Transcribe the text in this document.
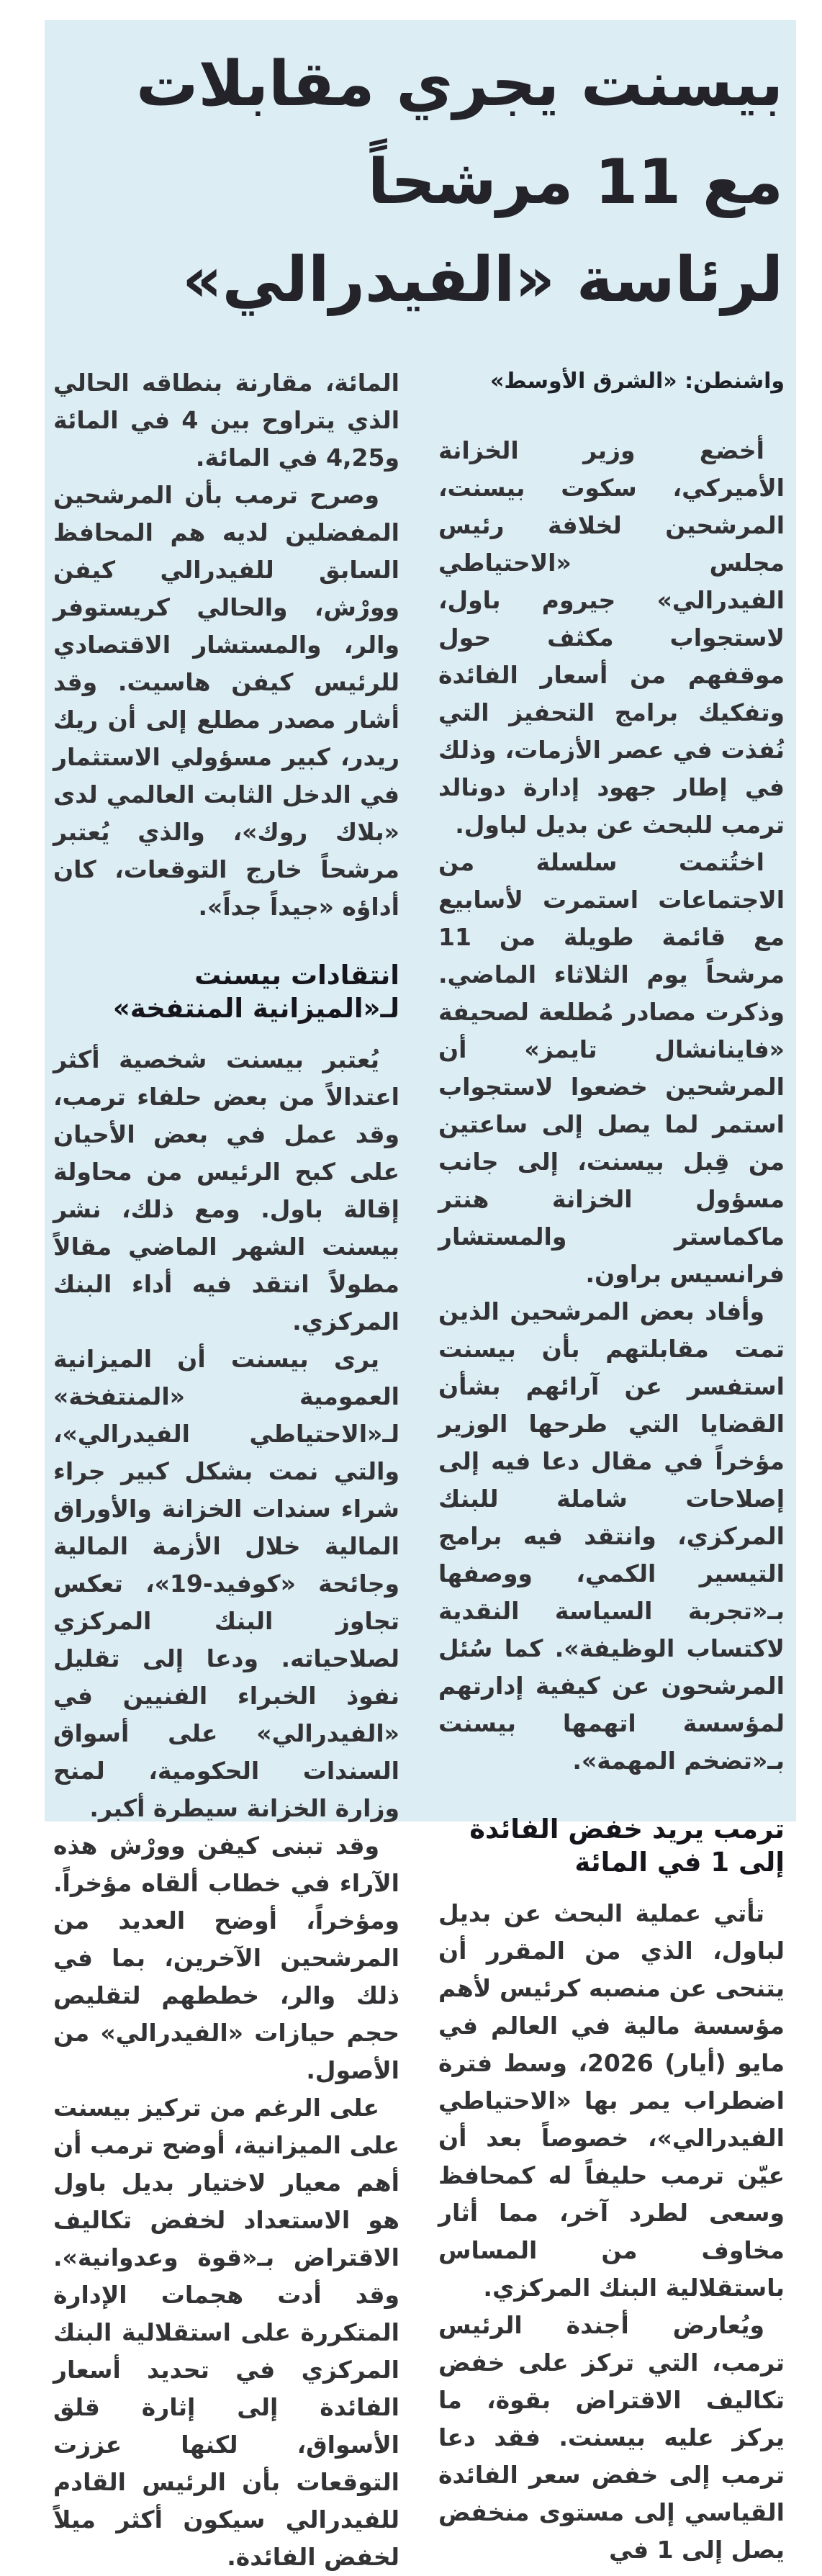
بيسنت يجري مقابلات مع 11 مرشحاً
لرئاسة «الفيدرالي»

واشنطن: «الشرق الأوسط»

أخضع وزير الخزانة الأميركي، سكوت بيسنت، المرشحين لخلافة رئيس مجلس «الاحتياطي الفيدرالي» جيروم باول، لاستجواب مكثف حول موقفهم من أسعار الفائدة وتفكيك برامج التحفيز التي نُفذت في عصر الأزمات، وذلك في إطار جهود إدارة دونالد ترمب للبحث عن بديل لباول.

اختُتمت سلسلة من الاجتماعات استمرت لأسابيع مع قائمة طويلة من 11 مرشحاً يوم الثلاثاء الماضي. وذكرت مصادر مُطلعة لصحيفة «فاينانشال تايمز» أن المرشحين خضعوا لاستجواب استمر لما يصل إلى ساعتين من قِبل بيسنت، إلى جانب مسؤول الخزانة هنتر ماكماستر والمستشار فرانسيس براون.

وأفاد بعض المرشحين الذين تمت مقابلتهم بأن بيسنت استفسر عن آرائهم بشأن القضايا التي طرحها الوزير مؤخراً في مقال دعا فيه إلى إصلاحات شاملة للبنك المركزي، وانتقد فيه برامج التيسير الكمي، ووصفها بـ«تجربة السياسة النقدية لاكتساب الوظيفة». كما سُئل المرشحون عن كيفية إدارتهم لمؤسسة اتهمها بيسنت بـ«تضخم المهمة».

ترمب يريد خفض الفائدة إلى 1 في المائة

تأتي عملية البحث عن بديل لباول، الذي من المقرر أن يتنحى عن منصبه كرئيس لأهم مؤسسة مالية في العالم في مايو (أيار) 2026، وسط فترة اضطراب يمر بها «الاحتياطي الفيدرالي»، خصوصاً بعد أن عيّن ترمب حليفاً له كمحافظ وسعى لطرد آخر، مما أثار مخاوف من المساس باستقلالية البنك المركزي.

ويُعارض أجندة الرئيس ترمب، التي تركز على خفض تكاليف الاقتراض بقوة، ما يركز عليه بيسنت. فقد دعا ترمب إلى خفض سعر الفائدة القياسي إلى مستوى منخفض يصل إلى 1 في

المائة، مقارنة بنطاقه الحالي الذي يتراوح بين 4 في المائة و4,25 في المائة.

وصرح ترمب بأن المرشحين المفضلين لديه هم المحافظ السابق للفيدرالي كيفن وورْش، والحالي كريستوفر والر، والمستشار الاقتصادي للرئيس كيفن هاسيت. وقد أشار مصدر مطلع إلى أن ريك ريدر، كبير مسؤولي الاستثمار في الدخل الثابت العالمي لدى «بلاك روك»، والذي يُعتبر مرشحاً خارج التوقعات، كان أداؤه «جيداً جداً».

انتقادات بيسنت لـ«الميزانية المنتفخة»

يُعتبر بيسنت شخصية أكثر اعتدالاً من بعض حلفاء ترمب، وقد عمل في بعض الأحيان على كبح الرئيس من محاولة إقالة باول. ومع ذلك، نشر بيسنت الشهر الماضي مقالاً مطولاً انتقد فيه أداء البنك المركزي.

يرى بيسنت أن الميزانية العمومية «المنتفخة» لـ«الاحتياطي الفيدرالي»، والتي نمت بشكل كبير جراء شراء سندات الخزانة والأوراق المالية خلال الأزمة المالية وجائحة «كوفيد-19»، تعكس تجاوز البنك المركزي لصلاحياته. ودعا إلى تقليل نفوذ الخبراء الفنيين في «الفيدرالي» على أسواق السندات الحكومية، لمنح وزارة الخزانة سيطرة أكبر.

وقد تبنى كيفن وورْش هذه الآراء في خطاب ألقاه مؤخراً. ومؤخراً، أوضح العديد من المرشحين الآخرين، بما في ذلك والر، خططهم لتقليص حجم حيازات «الفيدرالي» من الأصول.

على الرغم من تركيز بيسنت على الميزانية، أوضح ترمب أن أهم معيار لاختيار بديل باول هو الاستعداد لخفض تكاليف الاقتراض بـ«قوة وعدوانية». وقد أدت هجمات الإدارة المتكررة على استقلالية البنك المركزي في تحديد أسعار الفائدة إلى إثارة قلق الأسواق، لكنها عززت التوقعات بأن الرئيس القادم للفيدرالي سيكون أكثر ميلاً لخفض الفائدة.
